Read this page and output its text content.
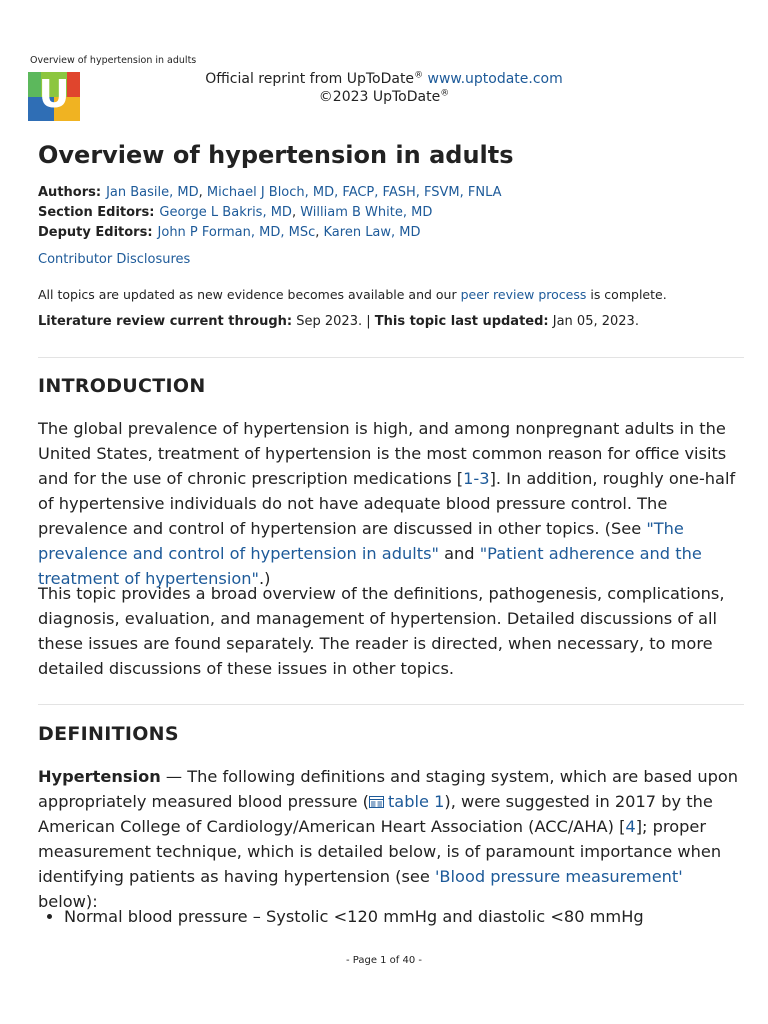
Overview of hypertension in adults
U	Official reprint from UpToDate® www.uptodate.com
©2023 UpToDate®
Overview of hypertension in adults
Authors: Jan Basile, MD, Michael J Bloch, MD, FACP, FASH, FSVM, FNLA
Section Editors: George L Bakris, MD, William B White, MD
Deputy Editors: John P Forman, MD, MSc, Karen Law, MD
Contributor Disclosures
All topics are updated as new evidence becomes available and our peer review process is complete.
Literature review current through: Sep 2023. | This topic last updated: Jan 05, 2023.
INTRODUCTION
The global prevalence of hypertension is high, and among nonpregnant adults in the United States, treatment of hypertension is the most common reason for office visits and for the use of chronic prescription medications [1-3]. In addition, roughly one-half of hypertensive individuals do not have adequate blood pressure control. The prevalence and control of hypertension are discussed in other topics. (See "The prevalence and control of hypertension in adults" and "Patient adherence and the treatment of hypertension".)
This topic provides a broad overview of the definitions, pathogenesis, complications, diagnosis, evaluation, and management of hypertension. Detailed discussions of all these issues are found separately. The reader is directed, when necessary, to more detailed discussions of these issues in other topics.
DEFINITIONS
Hypertension — The following definitions and staging system, which are based upon appropriately measured blood pressure ( table 1), were suggested in 2017 by the American College of Cardiology/American Heart Association (ACC/AHA) [4]; proper measurement technique, which is detailed below, is of paramount importance when identifying patients as having hypertension (see 'Blood pressure measurement' below):
• Normal blood pressure – Systolic <120 mmHg and diastolic <80 mmHg
- Page 1 of 40 -
